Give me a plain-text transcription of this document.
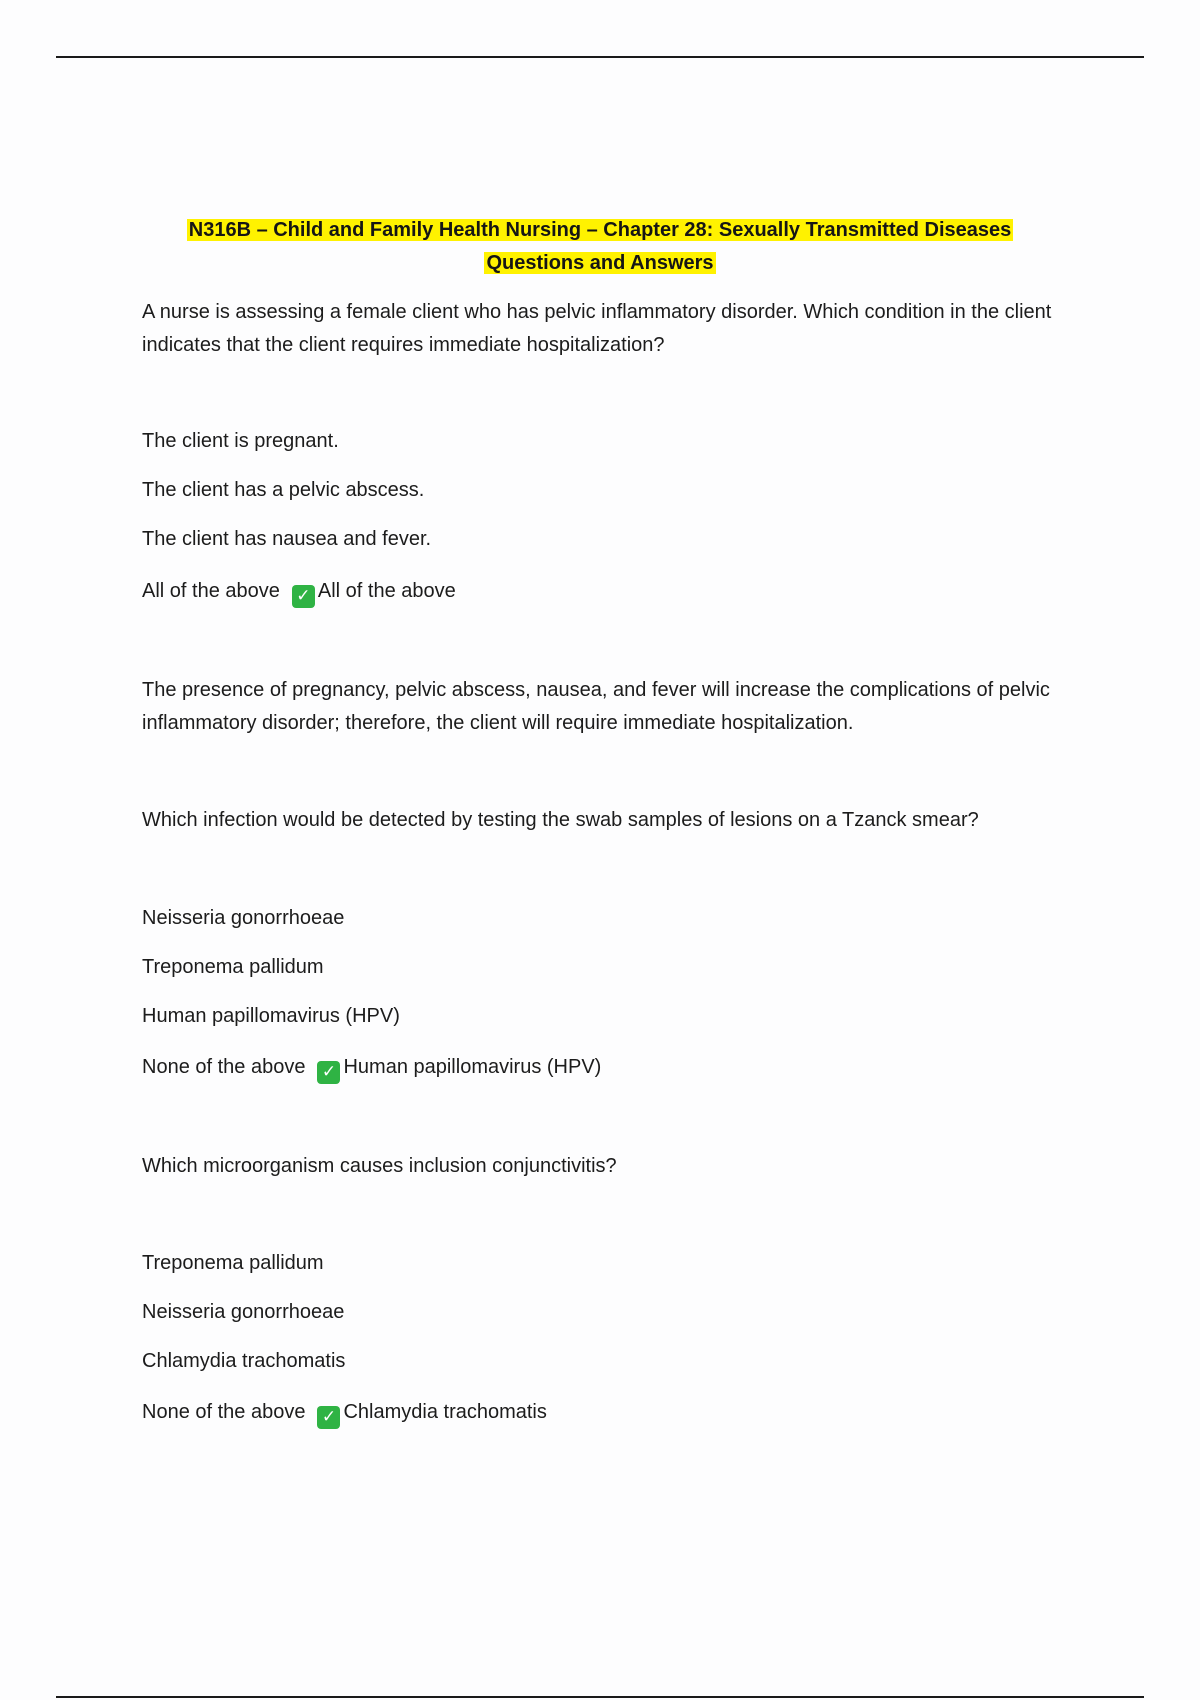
N316B – Child and Family Health Nursing – Chapter 28: Sexually Transmitted Diseases
Questions and Answers
A nurse is assessing a female client who has pelvic inflammatory disorder. Which condition in the client indicates that the client requires immediate hospitalization?
The client is pregnant.
The client has a pelvic abscess.
The client has nausea and fever.
All of the above ✓ All of the above
The presence of pregnancy, pelvic abscess, nausea, and fever will increase the complications of pelvic inflammatory disorder; therefore, the client will require immediate hospitalization.
Which infection would be detected by testing the swab samples of lesions on a Tzanck smear?
Neisseria gonorrhoeae
Treponema pallidum
Human papillomavirus (HPV)
None of the above ✓ Human papillomavirus (HPV)
Which microorganism causes inclusion conjunctivitis?
Treponema pallidum
Neisseria gonorrhoeae
Chlamydia trachomatis
None of the above ✓ Chlamydia trachomatis
